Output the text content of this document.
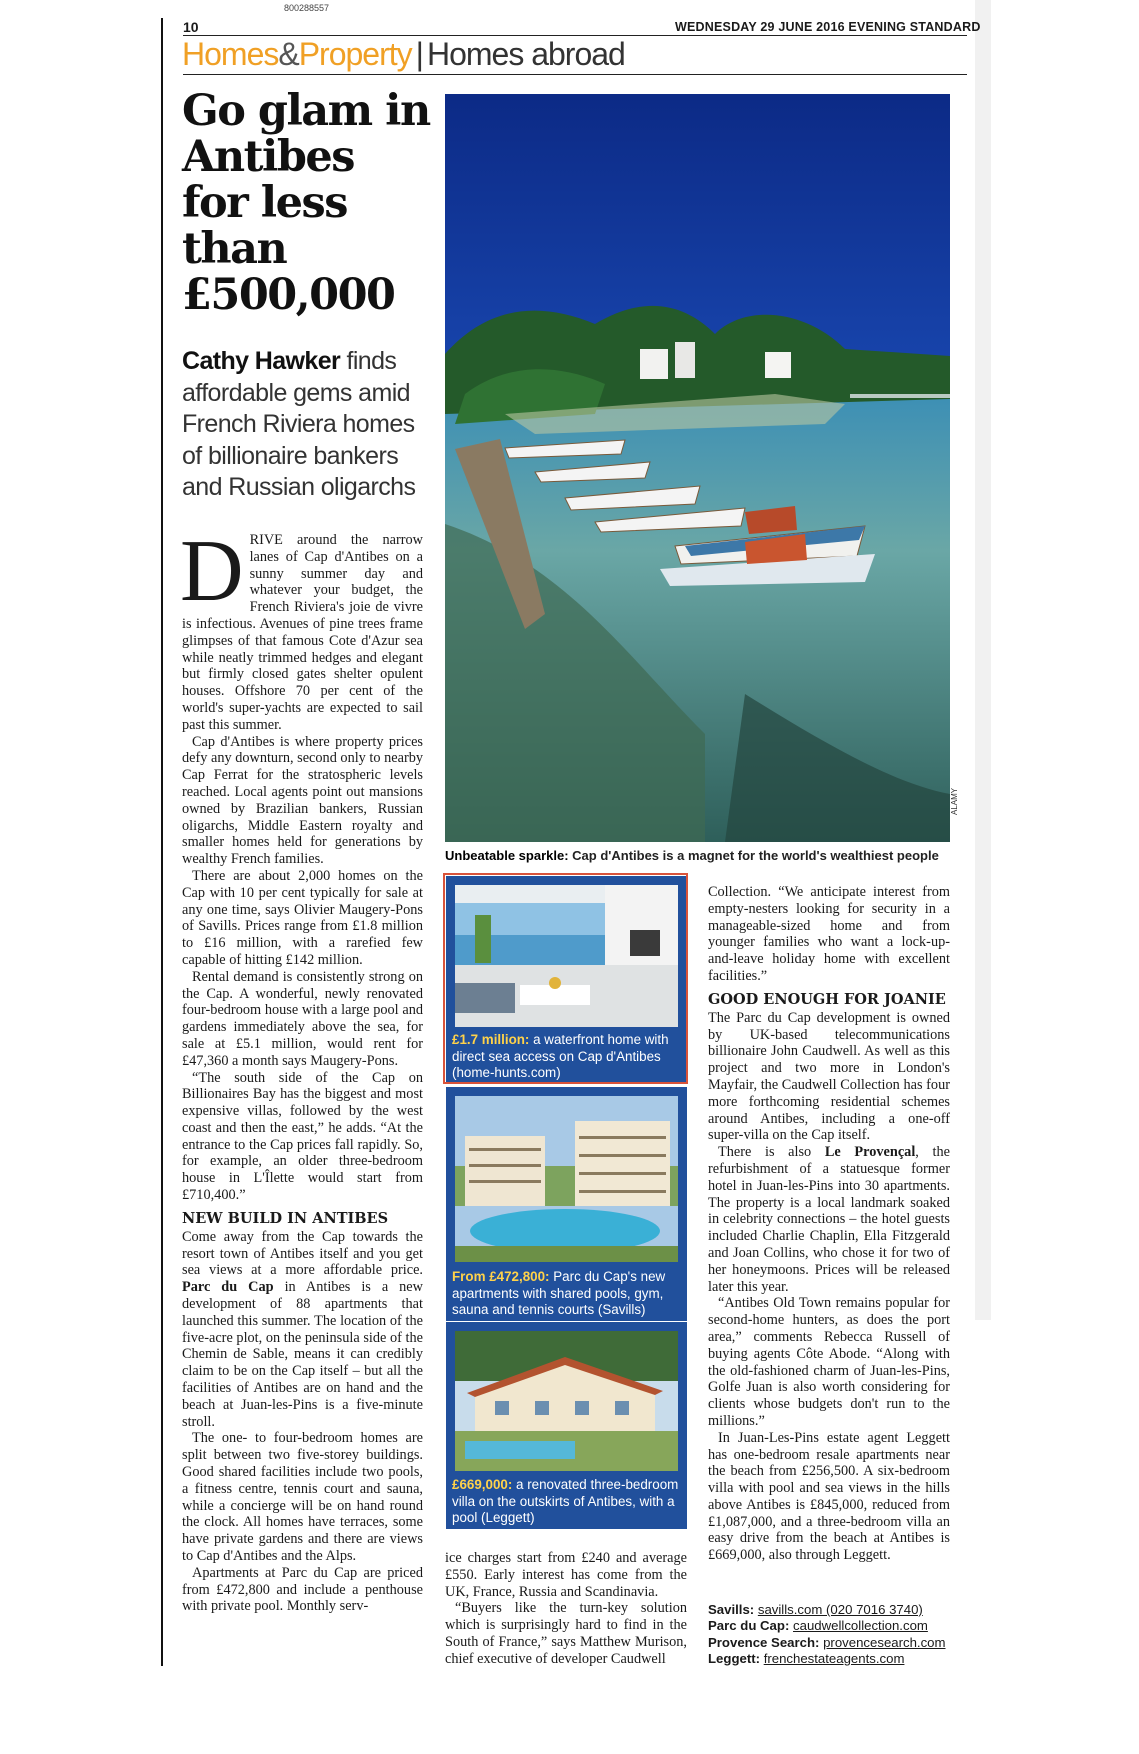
800288557
10	WEDNESDAY 29 JUNE 2016 EVENING STANDARD
Homes&Property | Homes abroad
Go glam in Antibes for less than £500,000
Cathy Hawker finds affordable gems amid French Riviera homes of billionaire bankers and Russian oligarchs

DRIVE around the narrow lanes of Cap d'Antibes on a sunny summer day and whatever your budget, the French Riviera's joie de vivre is infectious. Avenues of pine trees frame glimpses of that famous Cote d'Azur sea while neatly trimmed hedges and elegant but firmly closed gates shelter opulent houses. Offshore 70 per cent of the world's super-yachts are expected to sail past this summer.

Cap d'Antibes is where property prices defy any downturn, second only to nearby Cap Ferrat for the stratospheric levels reached. Local agents point out mansions owned by Brazilian bankers, Russian oligarchs, Middle Eastern royalty and smaller homes held for generations by wealthy French families.

There are about 2,000 homes on the Cap with 10 per cent typically for sale at any one time, says Olivier Maugery-Pons of Savills. Prices range from £1.8 million to £16 million, with a rarefied few capable of hitting £142 million.

Rental demand is consistently strong on the Cap. A wonderful, newly renovated four-bedroom house with a large pool and gardens immediately above the sea, for sale at £5.1 million, would rent for £47,360 a month says Maugery-Pons.

“The south side of the Cap on Billionaires Bay has the biggest and most expensive villas, followed by the west coast and then the east,” he adds. “At the entrance to the Cap prices fall rapidly. So, for example, an older three-bedroom house in L'Îlette would start from £710,400.”

NEW BUILD IN ANTIBES

Come away from the Cap towards the resort town of Antibes itself and you get sea views at a more affordable price. Parc du Cap in Antibes is a new development of 88 apartments that launched this summer. The location of the five-acre plot, on the peninsula side of the Chemin de Sable, means it can credibly claim to be on the Cap itself – but all the facilities of Antibes are on hand and the beach at Juan-les-Pins is a five-minute stroll.

The one- to four-bedroom homes are split between two five-storey buildings. Good shared facilities include two pools, a fitness centre, tennis court and sauna, while a concierge will be on hand round the clock. All homes have terraces, some have private gardens and there are views to Cap d'Antibes and the Alps.

Apartments at Parc du Cap are priced from £472,800 and include a penthouse with private pool. Monthly serv-

ALAMY
Unbeatable sparkle: Cap d'Antibes is a magnet for the world's wealthiest people
£1.7 million: a waterfront home with direct sea access on Cap d'Antibes (home-hunts.com)
From £472,800: Parc du Cap's new apartments with shared pools, gym, sauna and tennis courts (Savills)
£669,000: a renovated three-bedroom villa on the outskirts of Antibes, with a pool (Leggett)

ice charges start from £240 and average £550. Early interest has come from the UK, France, Russia and Scandinavia.

“Buyers like the turn-key solution which is surprisingly hard to find in the South of France,” says Matthew Murison, chief executive of developer Caudwell

Collection. “We anticipate interest from empty-nesters looking for security in a manageable-sized home and from younger families who want a lock-up-and-leave holiday home with excellent facilities.”

GOOD ENOUGH FOR JOANIE

The Parc du Cap development is owned by UK-based telecommunications billionaire John Caudwell. As well as this project and two more in London's Mayfair, the Caudwell Collection has four more forthcoming residential schemes around Antibes, including a one-off super-villa on the Cap itself.

There is also Le Provençal, the refurbishment of a statuesque former hotel in Juan-les-Pins into 30 apartments. The property is a local landmark soaked in celebrity connections – the hotel guests included Charlie Chaplin, Ella Fitzgerald and Joan Collins, who chose it for two of her honeymoons. Prices will be released later this year.

“Antibes Old Town remains popular for second-home hunters, as does the port area,” comments Rebecca Russell of buying agents Côte Abode. “Along with the old-fashioned charm of Juan-les-Pins, Golfe Juan is also worth considering for clients whose budgets don't run to the millions.”

In Juan-Les-Pins estate agent Leggett has one-bedroom resale apartments near the beach from £256,500. A six-bedroom villa with pool and sea views in the hills above Antibes is £845,000, reduced from £1,087,000, and a three-bedroom villa an easy drive from the beach at Antibes is £669,000, also through Leggett.

Savills: savills.com (020 7016 3740)
Parc du Cap: caudwellcollection.com
Provence Search: provencesearch.com
Leggett: frenchestateagents.com
